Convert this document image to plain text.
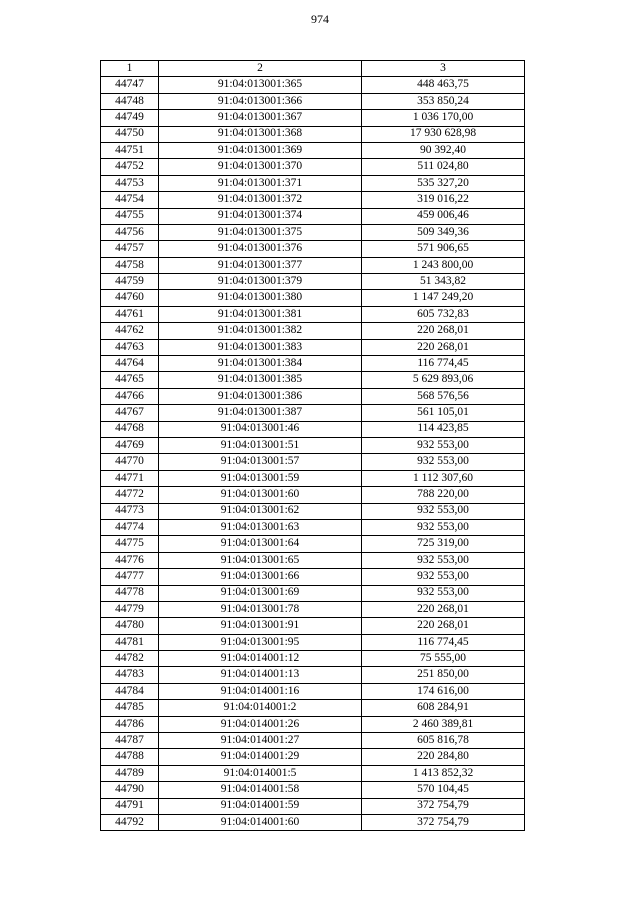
974
1	2	3
44747	91:04:013001:365	448 463,75
44748	91:04:013001:366	353 850,24
44749	91:04:013001:367	1 036 170,00
44750	91:04:013001:368	17 930 628,98
44751	91:04:013001:369	90 392,40
44752	91:04:013001:370	511 024,80
44753	91:04:013001:371	535 327,20
44754	91:04:013001:372	319 016,22
44755	91:04:013001:374	459 006,46
44756	91:04:013001:375	509 349,36
44757	91:04:013001:376	571 906,65
44758	91:04:013001:377	1 243 800,00
44759	91:04:013001:379	51 343,82
44760	91:04:013001:380	1 147 249,20
44761	91:04:013001:381	605 732,83
44762	91:04:013001:382	220 268,01
44763	91:04:013001:383	220 268,01
44764	91:04:013001:384	116 774,45
44765	91:04:013001:385	5 629 893,06
44766	91:04:013001:386	568 576,56
44767	91:04:013001:387	561 105,01
44768	91:04:013001:46	114 423,85
44769	91:04:013001:51	932 553,00
44770	91:04:013001:57	932 553,00
44771	91:04:013001:59	1 112 307,60
44772	91:04:013001:60	788 220,00
44773	91:04:013001:62	932 553,00
44774	91:04:013001:63	932 553,00
44775	91:04:013001:64	725 319,00
44776	91:04:013001:65	932 553,00
44777	91:04:013001:66	932 553,00
44778	91:04:013001:69	932 553,00
44779	91:04:013001:78	220 268,01
44780	91:04:013001:91	220 268,01
44781	91:04:013001:95	116 774,45
44782	91:04:014001:12	75 555,00
44783	91:04:014001:13	251 850,00
44784	91:04:014001:16	174 616,00
44785	91:04:014001:2	608 284,91
44786	91:04:014001:26	2 460 389,81
44787	91:04:014001:27	605 816,78
44788	91:04:014001:29	220 284,80
44789	91:04:014001:5	1 413 852,32
44790	91:04:014001:58	570 104,45
44791	91:04:014001:59	372 754,79
44792	91:04:014001:60	372 754,79
